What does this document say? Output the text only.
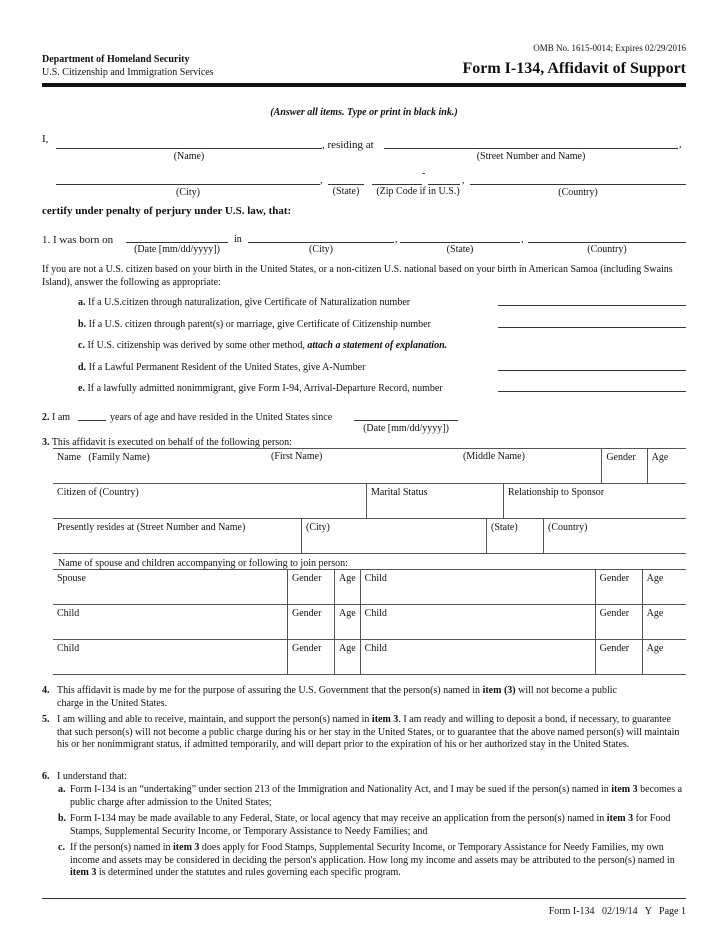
Department of Homeland Security
U.S. Citizenship and Immigration Services
OMB No. 1615-0014; Expires 02/29/2016
Form I-134, Affidavit of Support
(Answer all items. Type or print in black ink.)
I,	, residing at	,
(Name)	(Street Number and Name)
,
-
,
(City)	(State)	(Zip Code if in U.S.)	(Country)
certify under penalty of perjury under U.S. law, that:
1. I was born on	in	,	,
(Date [mm/dd/yyyy])	(City)	(State)	(Country)
If you are not a U.S. citizen based on your birth in the United States, or a non-citizen U.S. national based on your birth in American Samoa (including Swains Island), answer the following as appropriate:
a. If a U.S.citizen through naturalization, give Certificate of Naturalization number
b. If a U.S. citizen through parent(s) or marriage, give Certificate of Citizenship number
c. If U.S. citizenship was derived by some other method, attach a statement of explanation.
d. If a Lawful Permanent Resident of the United States, give A-Number
e. If a lawfully admitted nonimmigrant, give Form I-94, Arrival-Departure Record, number
2. I am	years of age and have resided in the United States since
(Date [mm/dd/yyyy])
3. This affidavit is executed on behalf of the following person:
Name (Family Name)	(First Name)	(Middle Name)	Gender	Age
Citizen of (Country)	Marital Status	Relationship to Sponsor
Presently resides at (Street Number and Name)	(City)	(State)	(Country)
Name of spouse and children accompanying or following to join person:
Spouse	Gender	Age	Child	Gender	Age
Child	Gender	Age	Child	Gender	Age
Child	Gender	Age	Child	Gender	Age
4. This affidavit is made by me for the purpose of assuring the U.S. Government that the person(s) named in item (3) will not become a public charge in the United States.
5. I am willing and able to receive, maintain, and support the person(s) named in item 3. I am ready and willing to deposit a bond, if necessary, to guarantee that such person(s) will not become a public charge during his or her stay in the United States, or to guarantee that the above named person(s) will maintain his or her nonimmigrant status, if admitted temporarily, and will depart prior to the expiration of his or her authorized stay in the United States.
6. I understand that:
a. Form I-134 is an “undertaking” under section 213 of the Immigration and Nationality Act, and I may be sued if the person(s) named in item 3 becomes a public charge after admission to the United States;
b. Form I-134 may be made available to any Federal, State, or local agency that may receive an application from the person(s) named in item 3 for Food Stamps, Supplemental Security Income, or Temporary Assistance to Needy Families; and
c. If the person(s) named in item 3 does apply for Food Stamps, Supplemental Security Income, or Temporary Assistance for Needy Families, my own income and assets may be considered in deciding the person's application. How long my income and assets may be attributed to the person(s) named in item 3 is determined under the statutes and rules governing each specific program.
Form I-134   02/19/14   Y   Page 1
